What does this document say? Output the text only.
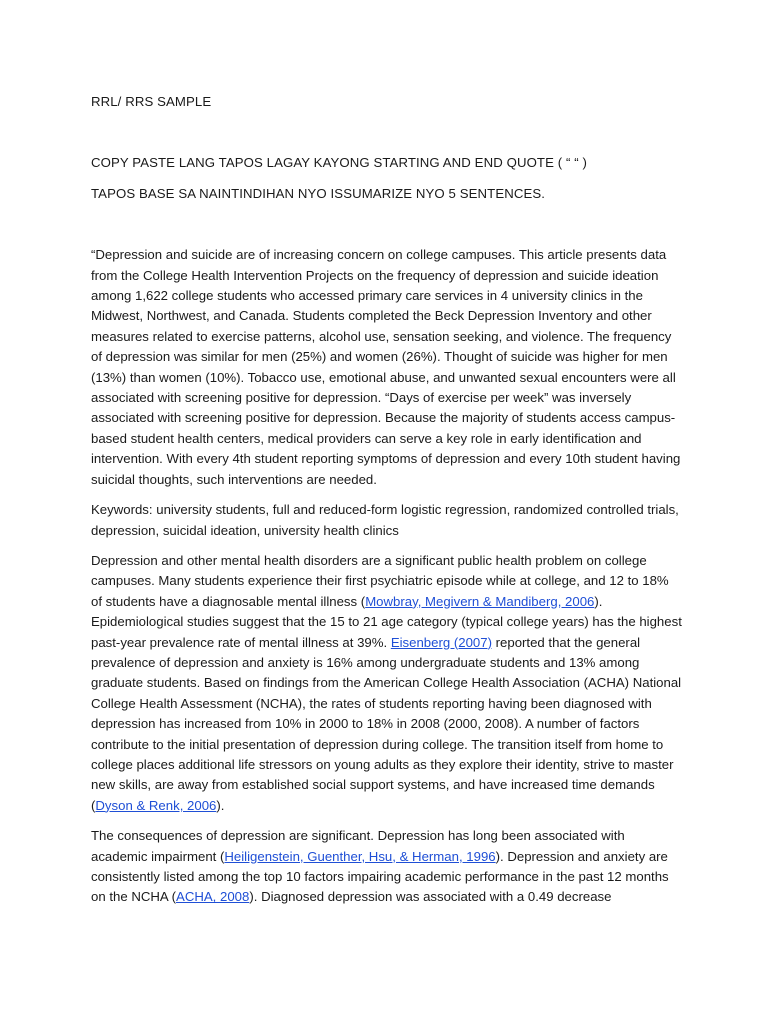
RRL/ RRS SAMPLE

COPY PASTE LANG TAPOS LAGAY KAYONG STARTING AND END QUOTE ( “ “ )

TAPOS BASE SA NAINTINDIHAN NYO ISSUMARIZE NYO 5 SENTENCES.

“Depression and suicide are of increasing concern on college campuses. This article presents data from the College Health Intervention Projects on the frequency of depression and suicide ideation among 1,622 college students who accessed primary care services in 4 university clinics in the Midwest, Northwest, and Canada. Students completed the Beck Depression Inventory and other measures related to exercise patterns, alcohol use, sensation seeking, and violence. The frequency of depression was similar for men (25%) and women (26%). Thought of suicide was higher for men (13%) than women (10%). Tobacco use, emotional abuse, and unwanted sexual encounters were all associated with screening positive for depression. “Days of exercise per week” was inversely associated with screening positive for depression. Because the majority of students access campus-based student health centers, medical providers can serve a key role in early identification and intervention. With every 4th student reporting symptoms of depression and every 10th student having suicidal thoughts, such interventions are needed.

Keywords: university students, full and reduced-form logistic regression, randomized controlled trials, depression, suicidal ideation, university health clinics

Depression and other mental health disorders are a significant public health problem on college campuses. Many students experience their first psychiatric episode while at college, and 12 to 18% of students have a diagnosable mental illness (Mowbray, Megivern & Mandiberg, 2006). Epidemiological studies suggest that the 15 to 21 age category (typical college years) has the highest past-year prevalence rate of mental illness at 39%. Eisenberg (2007) reported that the general prevalence of depression and anxiety is 16% among undergraduate students and 13% among graduate students. Based on findings from the American College Health Association (ACHA) National College Health Assessment (NCHA), the rates of students reporting having been diagnosed with depression has increased from 10% in 2000 to 18% in 2008 (2000, 2008). A number of factors contribute to the initial presentation of depression during college. The transition itself from home to college places additional life stressors on young adults as they explore their identity, strive to master new skills, are away from established social support systems, and have increased time demands (Dyson & Renk, 2006).

The consequences of depression are significant. Depression has long been associated with academic impairment (Heiligenstein, Guenther, Hsu, & Herman, 1996). Depression and anxiety are consistently listed among the top 10 factors impairing academic performance in the past 12 months on the NCHA (ACHA, 2008). Diagnosed depression was associated with a 0.49 decrease
